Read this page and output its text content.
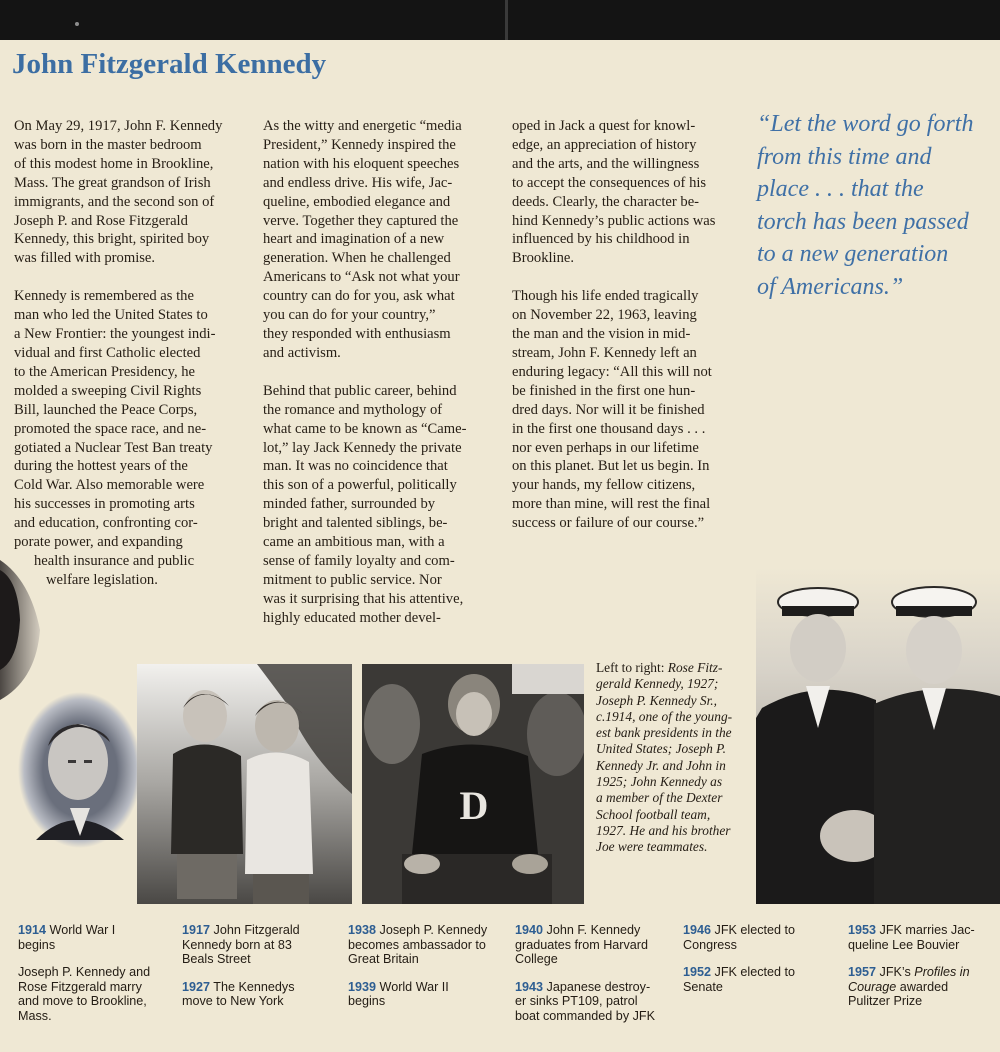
John Fitzgerald Kennedy

On May 29, 1917, John F. Kennedy
was born in the master bedroom
of this modest home in Brookline,
Mass. The great grandson of Irish
immigrants, and the second son of
Joseph P. and Rose Fitzgerald
Kennedy, this bright, spirited boy
was filled with promise.

Kennedy is remembered as the
man who led the United States to
a New Frontier: the youngest indi-
vidual and first Catholic elected
to the American Presidency, he
molded a sweeping Civil Rights
Bill, launched the Peace Corps,
promoted the space race, and ne-
gotiated a Nuclear Test Ban treaty
during the hottest years of the
Cold War. Also memorable were
his successes in promoting arts
and education, confronting cor-
porate power, and expanding
health insurance and public
welfare legislation.

As the witty and energetic “media
President,” Kennedy inspired the
nation with his eloquent speeches
and endless drive. His wife, Jac-
queline, embodied elegance and
verve. Together they captured the
heart and imagination of a new
generation. When he challenged
Americans to “Ask not what your
country can do for you, ask what
you can do for your country,”
they responded with enthusiasm
and activism.

Behind that public career, behind
the romance and mythology of
what came to be known as “Came-
lot,” lay Jack Kennedy the private
man. It was no coincidence that
this son of a powerful, politically
minded father, surrounded by
bright and talented siblings, be-
came an ambitious man, with a
sense of family loyalty and com-
mitment to public service. Nor
was it surprising that his attentive,
highly educated mother devel-

oped in Jack a quest for knowl-
edge, an appreciation of history
and the arts, and the willingness
to accept the consequences of his
deeds. Clearly, the character be-
hind Kennedy’s public actions was
influenced by his childhood in
Brookline.

Though his life ended tragically
on November 22, 1963, leaving
the man and the vision in mid-
stream, John F. Kennedy left an
enduring legacy: “All this will not
be finished in the first one hun-
dred days. Nor will it be finished
in the first one thousand days . . .
nor even perhaps in our lifetime
on this planet. But let us begin. In
your hands, my fellow citizens,
more than mine, will rest the final
success or failure of our course.”

“Let the word go forth
from this time and
place . . . that the
torch has been passed
to a new generation
of Americans.”
D
Left to right: Rose Fitz-
gerald Kennedy, 1927;
Joseph P. Kennedy Sr.,
c.1914, one of the young-
est bank presidents in the
United States; Joseph P.
Kennedy Jr. and John in
1925; John Kennedy as
a member of the Dexter
School football team,
1927. He and his brother
Joe were teammates.
1914 World War I
begins
Joseph P. Kennedy and
Rose Fitzgerald marry
and move to Brookline,
Mass.
1917 John Fitzgerald
Kennedy born at 83
Beals Street
1927 The Kennedys
move to New York
1938 Joseph P. Kennedy
becomes ambassador to
Great Britain
1939 World War II
begins
1940 John F. Kennedy
graduates from Harvard
College
1943 Japanese destroy-
er sinks PT109, patrol
boat commanded by JFK
1946 JFK elected to
Congress
1952 JFK elected to
Senate
1953 JFK marries Jac-
queline Lee Bouvier
1957 JFK’s Profiles in
Courage awarded
Pulitzer Prize
